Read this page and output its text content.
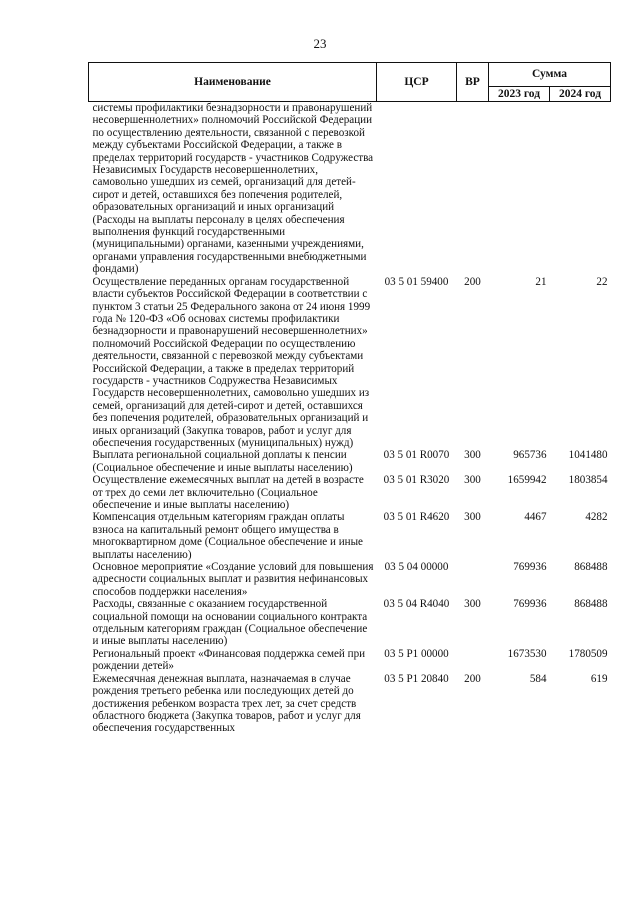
23
Наименование	ЦСР	ВР	Сумма	
			2023 год	2024 год
системы профилактики безнадзорности и правонарушений несовершеннолетних» полномочий Российской Федерации по осуществлению деятельности, связанной с перевозкой между субъектами Российской Федерации, а также в пределах территорий государств - участников Содружества Независимых Государств несовершеннолетних, самовольно ушедших из семей, организаций для детей-сирот и детей, оставшихся без попечения родителей, образовательных организаций и иных организаций (Расходы на выплаты персоналу в целях обеспечения выполнения функций государственными (муниципальными) органами, казенными учреждениями, органами управления государственными внебюджетными фондами)				
Осуществление переданных органам государственной власти субъектов Российской Федерации в соответствии с пунктом 3 статьи 25 Федерального закона от 24 июня 1999 года № 120-ФЗ «Об основах системы профилактики безнадзорности и правонарушений несовершеннолетних» полномочий Российской Федерации по осуществлению деятельности, связанной с перевозкой между субъектами Российской Федерации, а также в пределах территорий государств - участников Содружества Независимых Государств несовершеннолетних, самовольно ушедших из семей, организаций для детей-сирот и детей, оставшихся без попечения родителей, образовательных организаций и иных организаций (Закупка товаров, работ и услуг для обеспечения государственных (муниципальных) нужд)	03 5 01 59400	200	21	22
Выплата региональной социальной доплаты к пенсии (Социальное обеспечение и иные выплаты населению)	03 5 01 R0070	300	965736	1041480
Осуществление ежемесячных выплат на детей в возрасте от трех до семи лет включительно (Социальное обеспечение и иные выплаты населению)	03 5 01 R3020	300	1659942	1803854
Компенсация отдельным категориям граждан оплаты взноса на капитальный ремонт общего имущества в многоквартирном доме (Социальное обеспечение и иные выплаты населению)	03 5 01 R4620	300	4467	4282
Основное мероприятие «Создание условий для повышения адресности социальных выплат и развития нефинансовых способов поддержки населения»	03 5 04 00000		769936	868488
Расходы, связанные с оказанием государственной социальной помощи на основании социального контракта отдельным категориям граждан (Социальное обеспечение и иные выплаты населению)	03 5 04 R4040	300	769936	868488
Региональный проект «Финансовая поддержка семей при рождении детей»	03 5 P1 00000		1673530	1780509
Ежемесячная денежная выплата, назначаемая в случае рождения третьего ребенка или последующих детей до достижения ребенком возраста трех лет, за счет средств областного бюджета (Закупка товаров, работ и услуг для обеспечения государственных	03 5 P1 20840	200	584	619
